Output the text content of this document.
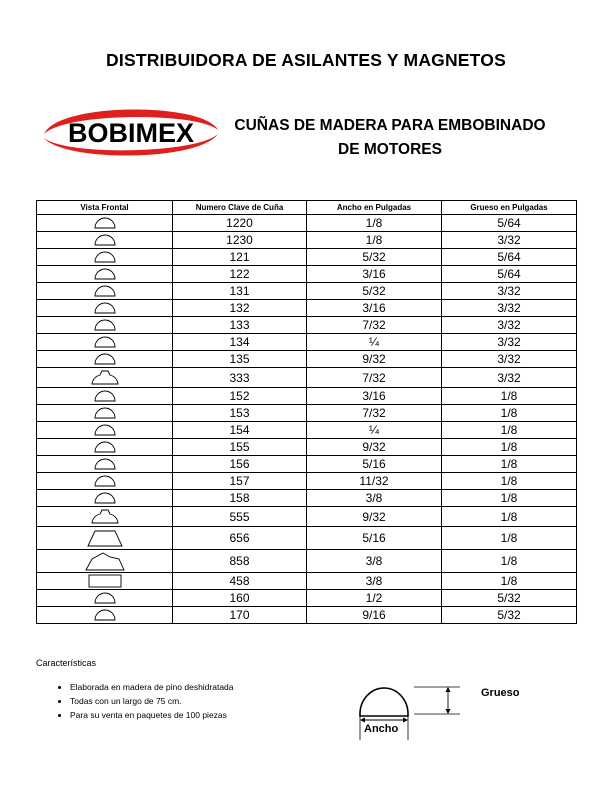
DISTRIBUIDORA DE ASILANTES Y MAGNETOS
BOBIMEX	CUÑAS DE MADERA PARA EMBOBINADO
DE MOTORES
Vista Frontal	Numero Clave de Cuña	Ancho en Pulgadas	Grueso en Pulgadas

	1220	1/8	5/64

	1230	1/8	3/32

	121	5/32	5/64

	122	3/16	5/64

	131	5/32	3/32

	132	3/16	3/32

	133	7/32	3/32

	134	¼	3/32

	135	9/32	3/32

	333	7/32	3/32

	152	3/16	1/8

	153	7/32	1/8

	154	¼	1/8

	155	9/32	1/8

	156	5/16	1/8

	157	11/32	1/8

	158	3/8	1/8

	555	9/32	1/8

	656	5/16	1/8

	858	3/8	1/8

	458	3/8	1/8

	160	1/2	5/32

	170	9/16	5/32

Características

• Elaborada en madera de pino deshidratada
• Todas con un largo de 75 cm.
• Para su venta en paquetes de 100 piezas
Grueso
Ancho
